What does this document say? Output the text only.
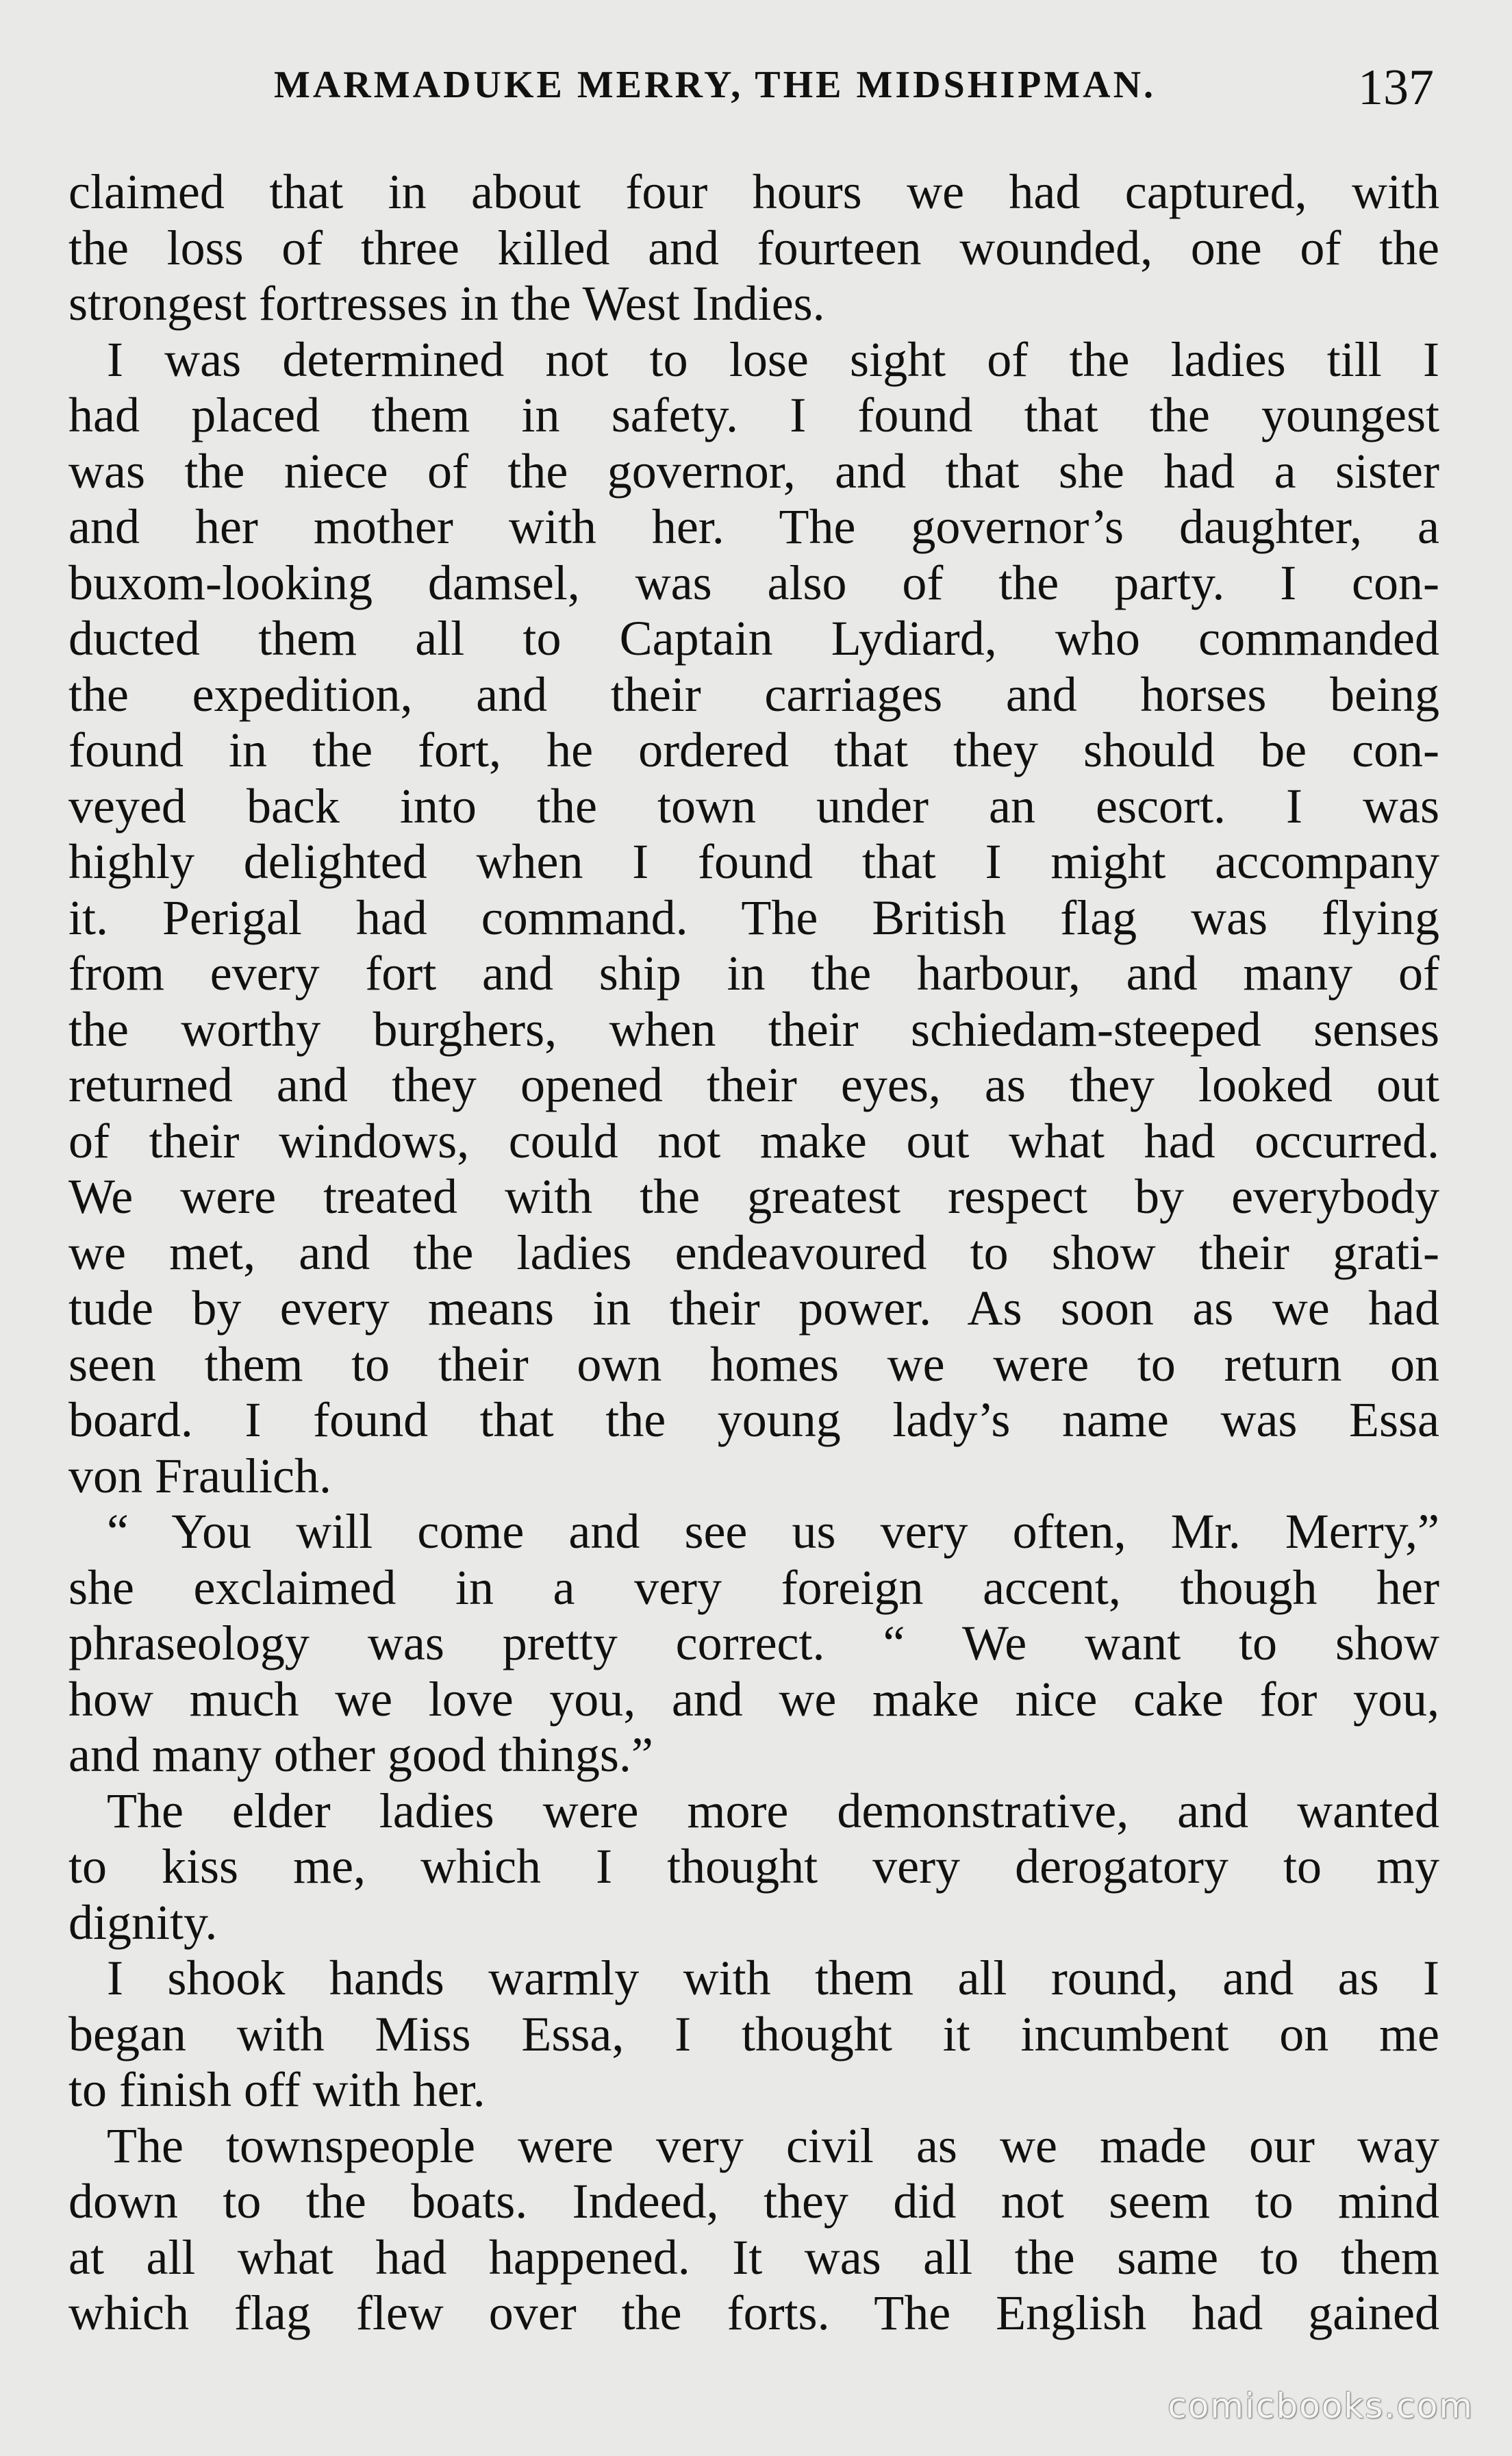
MARMADUKE MERRY, THE MIDSHIPMAN.	137
claimed that in about four hours we had captured, with
the loss of three killed and fourteen wounded, one of the
strongest fortresses in the West Indies.
I was determined not to lose sight of the ladies till I
had placed them in safety. I found that the youngest
was the niece of the governor, and that she had a sister
and her mother with her. The governor’s daughter, a
buxom-looking damsel, was also of the party. I con-
ducted them all to Captain Lydiard, who commanded
the expedition, and their carriages and horses being
found in the fort, he ordered that they should be con-
veyed back into the town under an escort. I was
highly delighted when I found that I might accompany
it. Perigal had command. The British flag was flying
from every fort and ship in the harbour, and many of
the worthy burghers, when their schiedam-steeped senses
returned and they opened their eyes, as they looked out
of their windows, could not make out what had occurred.
We were treated with the greatest respect by everybody
we met, and the ladies endeavoured to show their grati-
tude by every means in their power. As soon as we had
seen them to their own homes we were to return on
board. I found that the young lady’s name was Essa
von Fraulich.
“ You will come and see us very often, Mr. Merry,”
she exclaimed in a very foreign accent, though her
phraseology was pretty correct. “ We want to show
how much we love you, and we make nice cake for you,
and many other good things.”
The elder ladies were more demonstrative, and wanted
to kiss me, which I thought very derogatory to my
dignity.
I shook hands warmly with them all round, and as I
began with Miss Essa, I thought it incumbent on me
to finish off with her.
The townspeople were very civil as we made our way
down to the boats. Indeed, they did not seem to mind
at all what had happened. It was all the same to them
which flag flew over the forts. The English had gained
comicbooks.com
